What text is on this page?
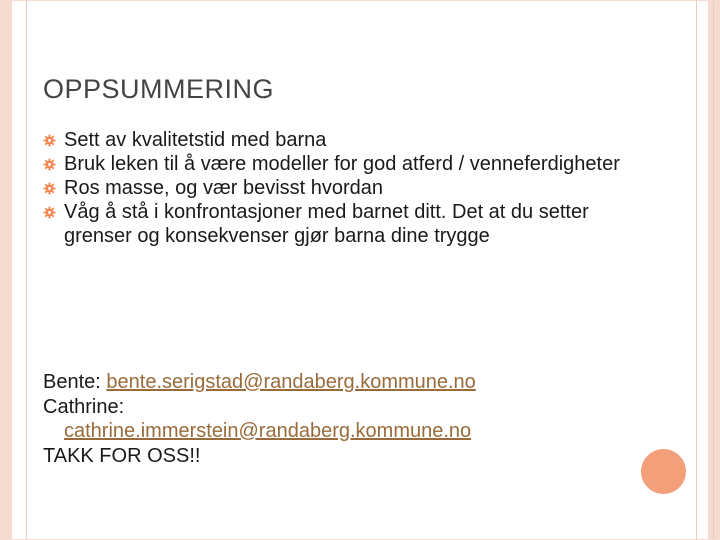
OPPSUMMERING
Sett av kvalitetstid med barna
Bruk leken til å være modeller for god atferd / venneferdigheter
Ros masse, og vær bevisst hvordan
Våg å stå i konfrontasjoner med barnet ditt. Det at du setter grenser og konsekvenser gjør barna dine trygge
Bente: bente.serigstad@randaberg.kommune.no
Cathrine:
cathrine.immerstein@randaberg.kommune.no
TAKK FOR OSS!!
